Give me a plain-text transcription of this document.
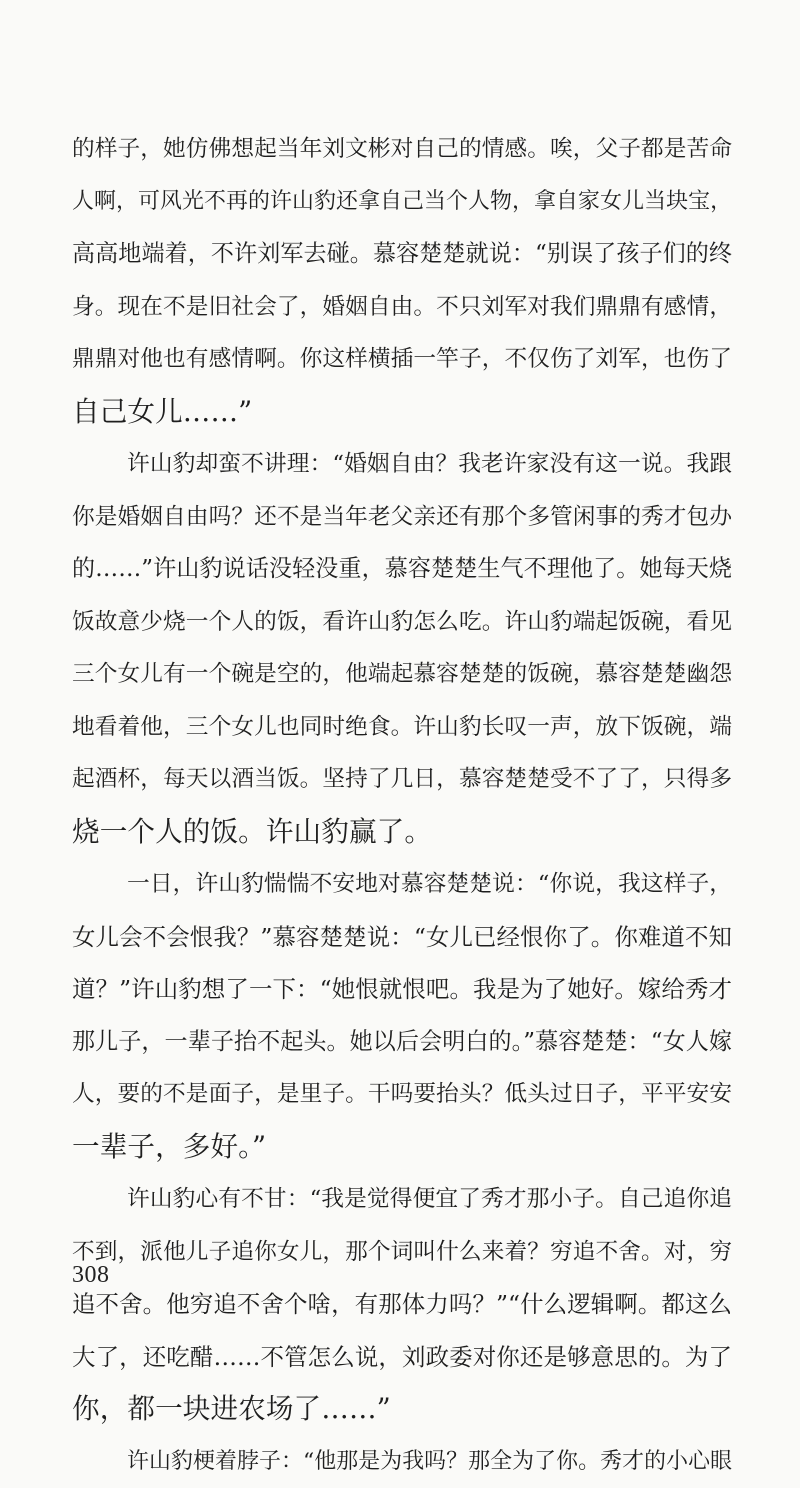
的样子，她仿佛想起当年刘文彬对自己的情感。唉，父子都是苦命
人啊，可风光不再的许山豹还拿自己当个人物，拿自家女儿当块宝，
高高地端着，不许刘军去碰。慕容楚楚就说：“别误了孩子们的终
身。现在不是旧社会了，婚姻自由。不只刘军对我们鼎鼎有感情，
鼎鼎对他也有感情啊。你这样横插一竿子，不仅伤了刘军，也伤了
自己女儿……”
许山豹却蛮不讲理：“婚姻自由？我老许家没有这一说。我跟
你是婚姻自由吗？还不是当年老父亲还有那个多管闲事的秀才包办
的……”许山豹说话没轻没重，慕容楚楚生气不理他了。她每天烧
饭故意少烧一个人的饭，看许山豹怎么吃。许山豹端起饭碗，看见
三个女儿有一个碗是空的，他端起慕容楚楚的饭碗，慕容楚楚幽怨
地看着他，三个女儿也同时绝食。许山豹长叹一声，放下饭碗，端
起酒杯，每天以酒当饭。坚持了几日，慕容楚楚受不了了，只得多
烧一个人的饭。许山豹赢了。
一日，许山豹惴惴不安地对慕容楚楚说：“你说，我这样子，
女儿会不会恨我？”慕容楚楚说：“女儿已经恨你了。你难道不知
道？”许山豹想了一下：“她恨就恨吧。我是为了她好。嫁给秀才
那儿子，一辈子抬不起头。她以后会明白的。”慕容楚楚：“女人嫁
人，要的不是面子，是里子。干吗要抬头？低头过日子，平平安安
一辈子，多好。”
许山豹心有不甘：“我是觉得便宜了秀才那小子。自己追你追
不到，派他儿子追你女儿，那个词叫什么来着？穷追不舍。对，穷
追不舍。他穷追不舍个啥，有那体力吗？”“什么逻辑啊。都这么
大了，还吃醋……不管怎么说，刘政委对你还是够意思的。为了
你，都一块进农场了……”
许山豹梗着脖子：“他那是为我吗？那全为了你。秀才的小心眼
308
